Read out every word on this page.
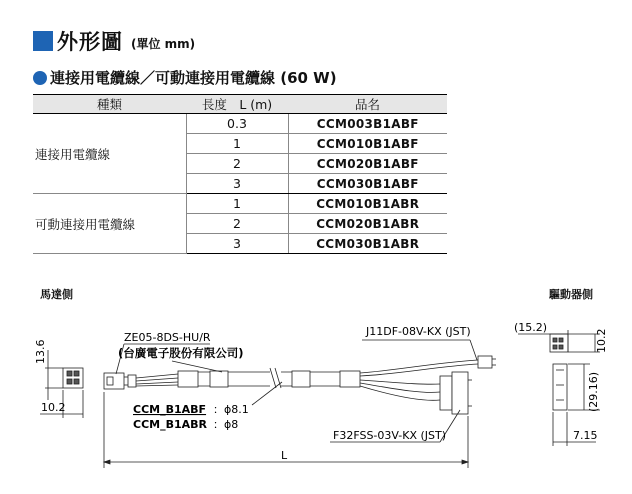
外形圖 (單位 mm)
連接用電纜線／可動連接用電纜線 (60 W)
種類	長度　L (m)	品名
連接用電纜線	0.3	CCM003B1ABF
	1	CCM010B1ABF
	2	CCM020B1ABF
	3	CCM030B1ABF
可動連接用電纜線	1	CCM010B1ABR
	2	CCM020B1ABR
	3	CCM030B1ABR
馬達側	驅動器側
13.6
10.2
ZE05-8DS-HU/R
(台廣電子股份有限公司)
CCM_B1ABF ：ϕ8.1
CCM_B1ABR ：ϕ8
J11DF-08V-KX (JST)
F32FSS-03V-KX (JST)
L
(15.2)
10.2
(29.16)
7.15
